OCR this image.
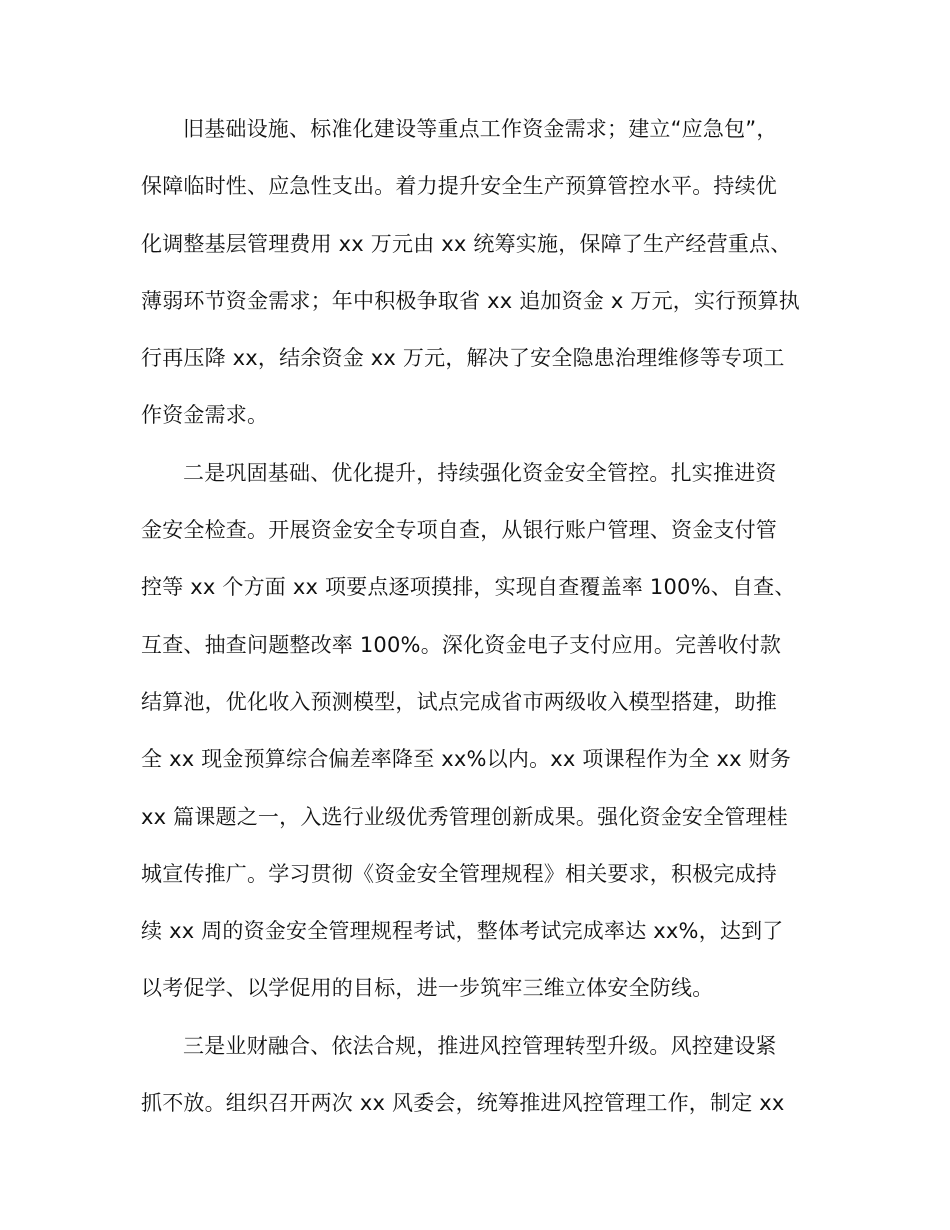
旧基础设施、标准化建设等重点工作资金需求；建立“应急包”，
保障临时性、应急性支出。着力提升安全生产预算管控水平。持续优
化调整基层管理费用 xx 万元由 xx 统筹实施，保障了生产经营重点、
薄弱环节资金需求；年中积极争取省 xx 追加资金 x 万元，实行预算执
行再压降 xx，结余资金 xx 万元，解决了安全隐患治理维修等专项工
作资金需求。
二是巩固基础、优化提升，持续强化资金安全管控。扎实推进资
金安全检查。开展资金安全专项自查，从银行账户管理、资金支付管
控等 xx 个方面 xx 项要点逐项摸排，实现自查覆盖率 100%、自查、
互查、抽查问题整改率 100%。深化资金电子支付应用。完善收付款
结算池，优化收入预测模型，试点完成省市两级收入模型搭建，助推
全 xx 现金预算综合偏差率降至 xx%以内。xx 项课程作为全 xx 财务
xx 篇课题之一，入选行业级优秀管理创新成果。强化资金安全管理桂
城宣传推广。学习贯彻《资金安全管理规程》相关要求，积极完成持
续 xx 周的资金安全管理规程考试，整体考试完成率达 xx%，达到了
以考促学、以学促用的目标，进一步筑牢三维立体安全防线。
三是业财融合、依法合规，推进风控管理转型升级。风控建设紧
抓不放。组织召开两次 xx 风委会，统筹推进风控管理工作，制定 xx
